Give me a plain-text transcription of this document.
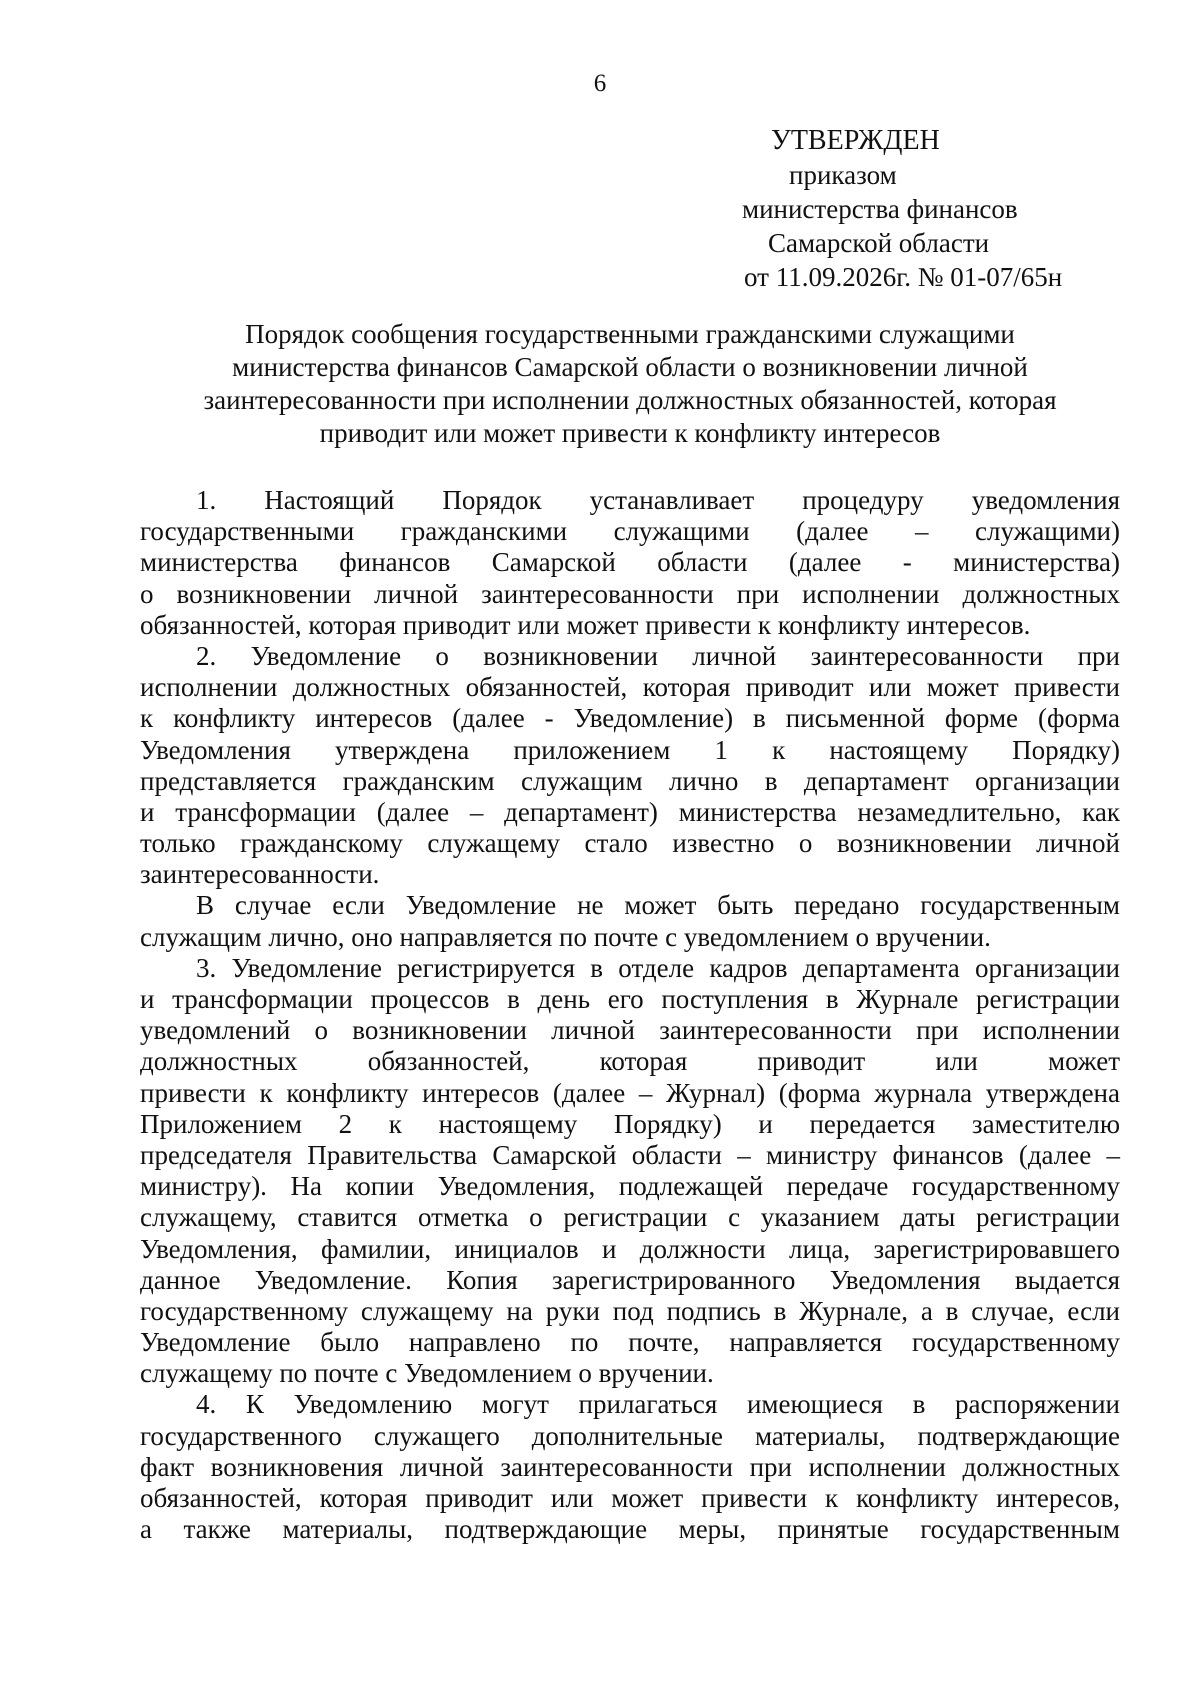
6
УТВЕРЖДЕН
приказом
министерства финансов
Самарской области
от 11.09.2026г. № 01-07/65н
Порядок сообщения государственными гражданскими служащими
министерства финансов Самарской области о возникновении личной
заинтересованности при исполнении должностных обязанностей, которая
приводит или может привести к конфликту интересов
1. Настоящий Порядок устанавливает процедуру уведомления
государственными гражданскими служащими (далее – служащими)
министерства финансов Самарской области (далее - министерства)
о возникновении личной заинтересованности при исполнении должностных
обязанностей, которая приводит или может привести к конфликту интересов.
2. Уведомление о возникновении личной заинтересованности при
исполнении должностных обязанностей, которая приводит или может привести
к конфликту интересов (далее - Уведомление) в письменной форме (форма
Уведомления утверждена приложением 1 к настоящему Порядку)
представляется гражданским служащим лично в департамент организации
и трансформации (далее – департамент) министерства незамедлительно, как
только гражданскому служащему стало известно о возникновении личной
заинтересованности.
В случае если Уведомление не может быть передано государственным
служащим лично, оно направляется по почте с уведомлением о вручении.
3. Уведомление регистрируется в отделе кадров департамента организации
и трансформации процессов в день его поступления в Журнале регистрации
уведомлений о возникновении личной заинтересованности при исполнении
должностных обязанностей, которая приводит или может
привести к конфликту интересов (далее – Журнал) (форма журнала утверждена
Приложением 2 к настоящему Порядку) и передается заместителю
председателя Правительства Самарской области – министру финансов (далее –
министру). На копии Уведомления, подлежащей передаче государственному
служащему, ставится отметка о регистрации с указанием даты регистрации
Уведомления, фамилии, инициалов и должности лица, зарегистрировавшего
данное Уведомление. Копия зарегистрированного Уведомления выдается
государственному служащему на руки под подпись в Журнале, а в случае, если
Уведомление было направлено по почте, направляется государственному
служащему по почте с Уведомлением о вручении.
4. К Уведомлению могут прилагаться имеющиеся в распоряжении
государственного служащего дополнительные материалы, подтверждающие
факт возникновения личной заинтересованности при исполнении должностных
обязанностей, которая приводит или может привести к конфликту интересов,
а также материалы, подтверждающие меры, принятые государственным
